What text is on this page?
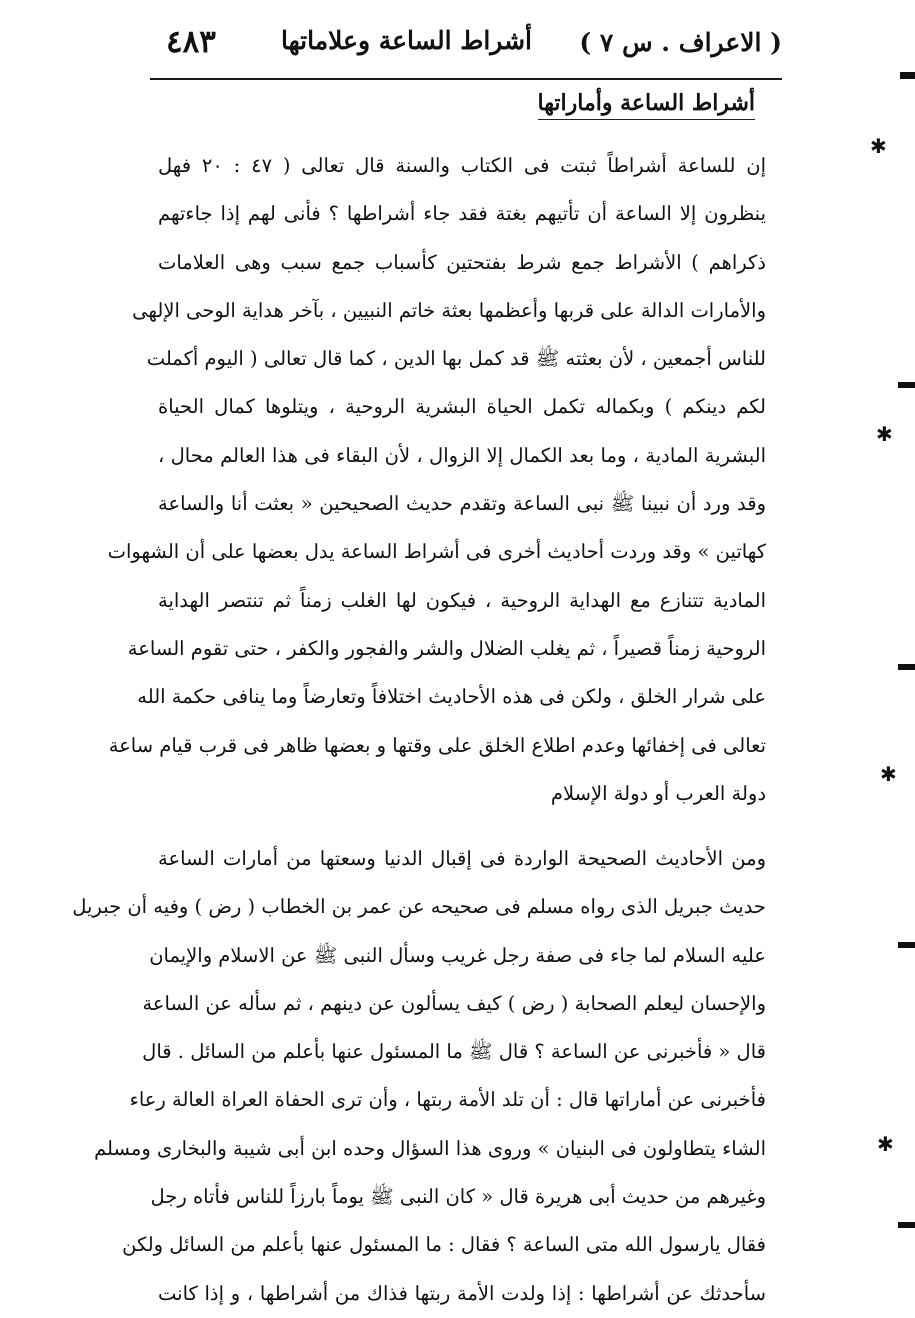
( الاعراف . س ٧ )
أشراط الساعة وعلاماتها
٤٨٣
أشراط الساعة وأماراتها

إن للساعة أشراطاً ثبتت فى الكتاب والسنة قال تعالى ( ٤٧ : ٢٠ فهل

ينظرون إلا الساعة أن تأتيهم بغتة فقد جاء أشراطها ؟ فأنى لهم إذا جاءتهم

ذكراهم ) الأشراط جمع شرط بفتحتين كأسباب جمع سبب وهى العلامات

والأمارات الدالة على قربها وأعظمها بعثة خاتم النبيين ، بآخر هداية الوحى الإلهى

للناس أجمعين ، لأن بعثته ﷺ قد كمل بها الدين ، كما قال تعالى ( اليوم أكملت

لكم دينكم ) وبكماله تكمل الحياة البشرية الروحية ، ويتلوها كمال الحياة

البشرية المادية ، وما بعد الكمال إلا الزوال ، لأن البقاء فى هذا العالم محال ،

وقد ورد أن نبينا ﷺ نبى الساعة وتقدم حديث الصحيحين « بعثت أنا والساعة

كهاتين » وقد وردت أحاديث أخرى فى أشراط الساعة يدل بعضها على أن الشهوات

المادية تتنازع مع الهداية الروحية ، فيكون لها الغلب زمناً ثم تنتصر الهداية

الروحية زمناً قصيراً ، ثم يغلب الضلال والشر والفجور والكفر ، حتى تقوم الساعة

على شرار الخلق ، ولكن فى هذه الأحاديث اختلافاً وتعارضاً وما ينافى حكمة الله

تعالى فى إخفائها وعدم اطلاع الخلق على وقتها و بعضها ظاهر فى قرب قيام ساعة

دولة العرب أو دولة الإسلام

ومن الأحاديث الصحيحة الواردة فى إقبال الدنيا وسعتها من أمارات الساعة

حديث جبريل الذى رواه مسلم فى صحيحه عن عمر بن الخطاب ( رض ) وفيه أن جبريل

عليه السلام لما جاء فى صفة رجل غريب وسأل النبى ﷺ عن الاسلام والإيمان

والإحسان ليعلم الصحابة ( رض ) كيف يسألون عن دينهم ، ثم سأله عن الساعة

قال « فأخبرنى عن الساعة ؟ قال ﷺ ما المسئول عنها بأعلم من السائل . قال

فأخبرنى عن أماراتها قال : أن تلد الأمة ربتها ، وأن ترى الحفاة العراة العالة رعاء

الشاء يتطاولون فى البنيان » وروى هذا السؤال وحده ابن أبى شيبة والبخارى ومسلم

وغيرهم من حديث أبى هريرة قال « كان النبى ﷺ يوماً بارزاً للناس فأتاه رجل

فقال يارسول الله متى الساعة ؟ فقال : ما المسئول عنها بأعلم من السائل ولكن

سأحدثك عن أشراطها : إذا ولدت الأمة ربتها فذاك من أشراطها ، و إذا كانت

✱
✱
✱
✱
